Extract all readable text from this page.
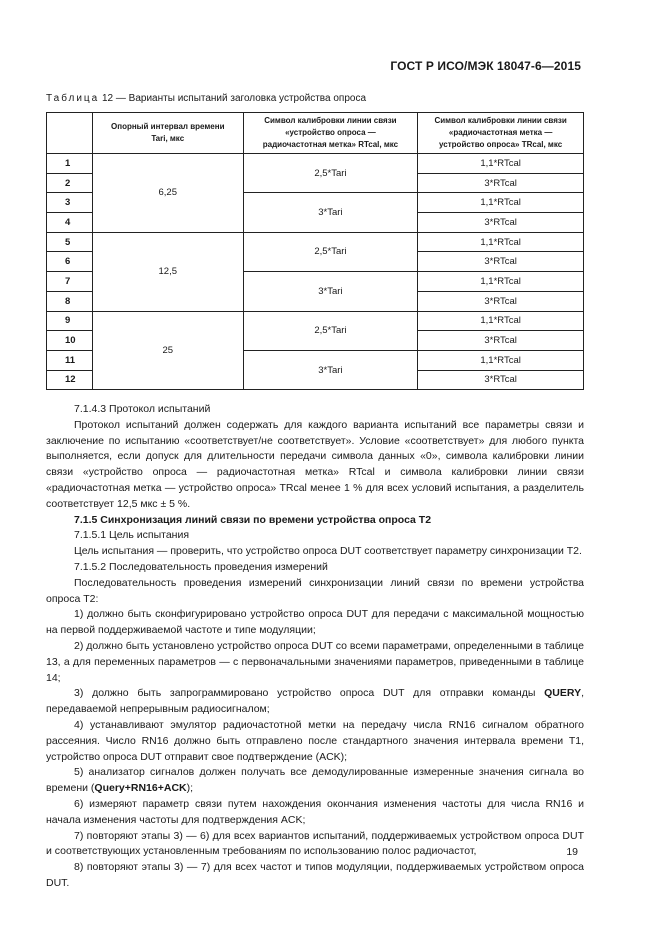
ГОСТ Р ИСО/МЭК 18047-6—2015
Таблица 12 — Варианты испытаний заголовка устройства опроса
	Опорный интервал времени Tari, мкс	Символ калибровки линии связи «устройство опроса — радиочастотная метка» RTcal, мкс	Символ калибровки линии связи «радиочастотная метка — устройство опроса» TRcal, мкс
1	6,25	2,5*Tari	1,1*RTcal
2			3*RTcal
3		3*Tari	1,1*RTcal
4			3*RTcal
5	12,5	2,5*Tari	1,1*RTcal
6			3*RTcal
7		3*Tari	1,1*RTcal
8			3*RTcal
9	25	2,5*Tari	1,1*RTcal
10			3*RTcal
11		3*Tari	1,1*RTcal
12			3*RTcal

7.1.4.3 Протокол испытаний

Протокол испытаний должен содержать для каждого варианта испытаний все параметры связи и заключение по испытанию «соответствует/не соответствует». Условие «соответствует» для любого пункта выполняется, если допуск для длительности передачи символа данных «0», символа калибровки линии связи «устройство опроса — радиочастотная метка» RTcal и символа калибровки линии связи «радиочастотная метка — устройство опроса» TRcal менее 1 % для всех условий испытания, а разделитель соответствует 12,5 мкс ± 5 %.

7.1.5 Синхронизация линий связи по времени устройства опроса T2

7.1.5.1 Цель испытания

Цель испытания — проверить, что устройство опроса DUT соответствует параметру синхронизации T2.

7.1.5.2 Последовательность проведения измерений

Последовательность проведения измерений синхронизации линий связи по времени устройства опроса T2:

1) должно быть сконфигурировано устройство опроса DUT для передачи с максимальной мощностью на первой поддерживаемой частоте и типе модуляции;

2) должно быть установлено устройство опроса DUT со всеми параметрами, определенными в таблице 13, а для переменных параметров — с первоначальными значениями параметров, приведенными в таблице 14;

3) должно быть запрограммировано устройство опроса DUT для отправки команды QUERY, передаваемой непрерывным радиосигналом;

4) устанавливают эмулятор радиочастотной метки на передачу числа RN16 сигналом обратного рассеяния. Число RN16 должно быть отправлено после стандартного значения интервала времени T1, устройство опроса DUT отправит свое подтверждение (ACK);

5) анализатор сигналов должен получать все демодулированные измеренные значения сигнала во времени (Query+RN16+ACK);

6) измеряют параметр связи путем нахождения окончания изменения частоты для числа RN16 и начала изменения частоты для подтверждения ACK;

7) повторяют этапы 3) — 6) для всех вариантов испытаний, поддерживаемых устройством опроса DUT и соответствующих установленным требованиям по использованию полос радиочастот,

8) повторяют этапы 3) — 7) для всех частот и типов модуляции, поддерживаемых устройством опроса DUT.

19
